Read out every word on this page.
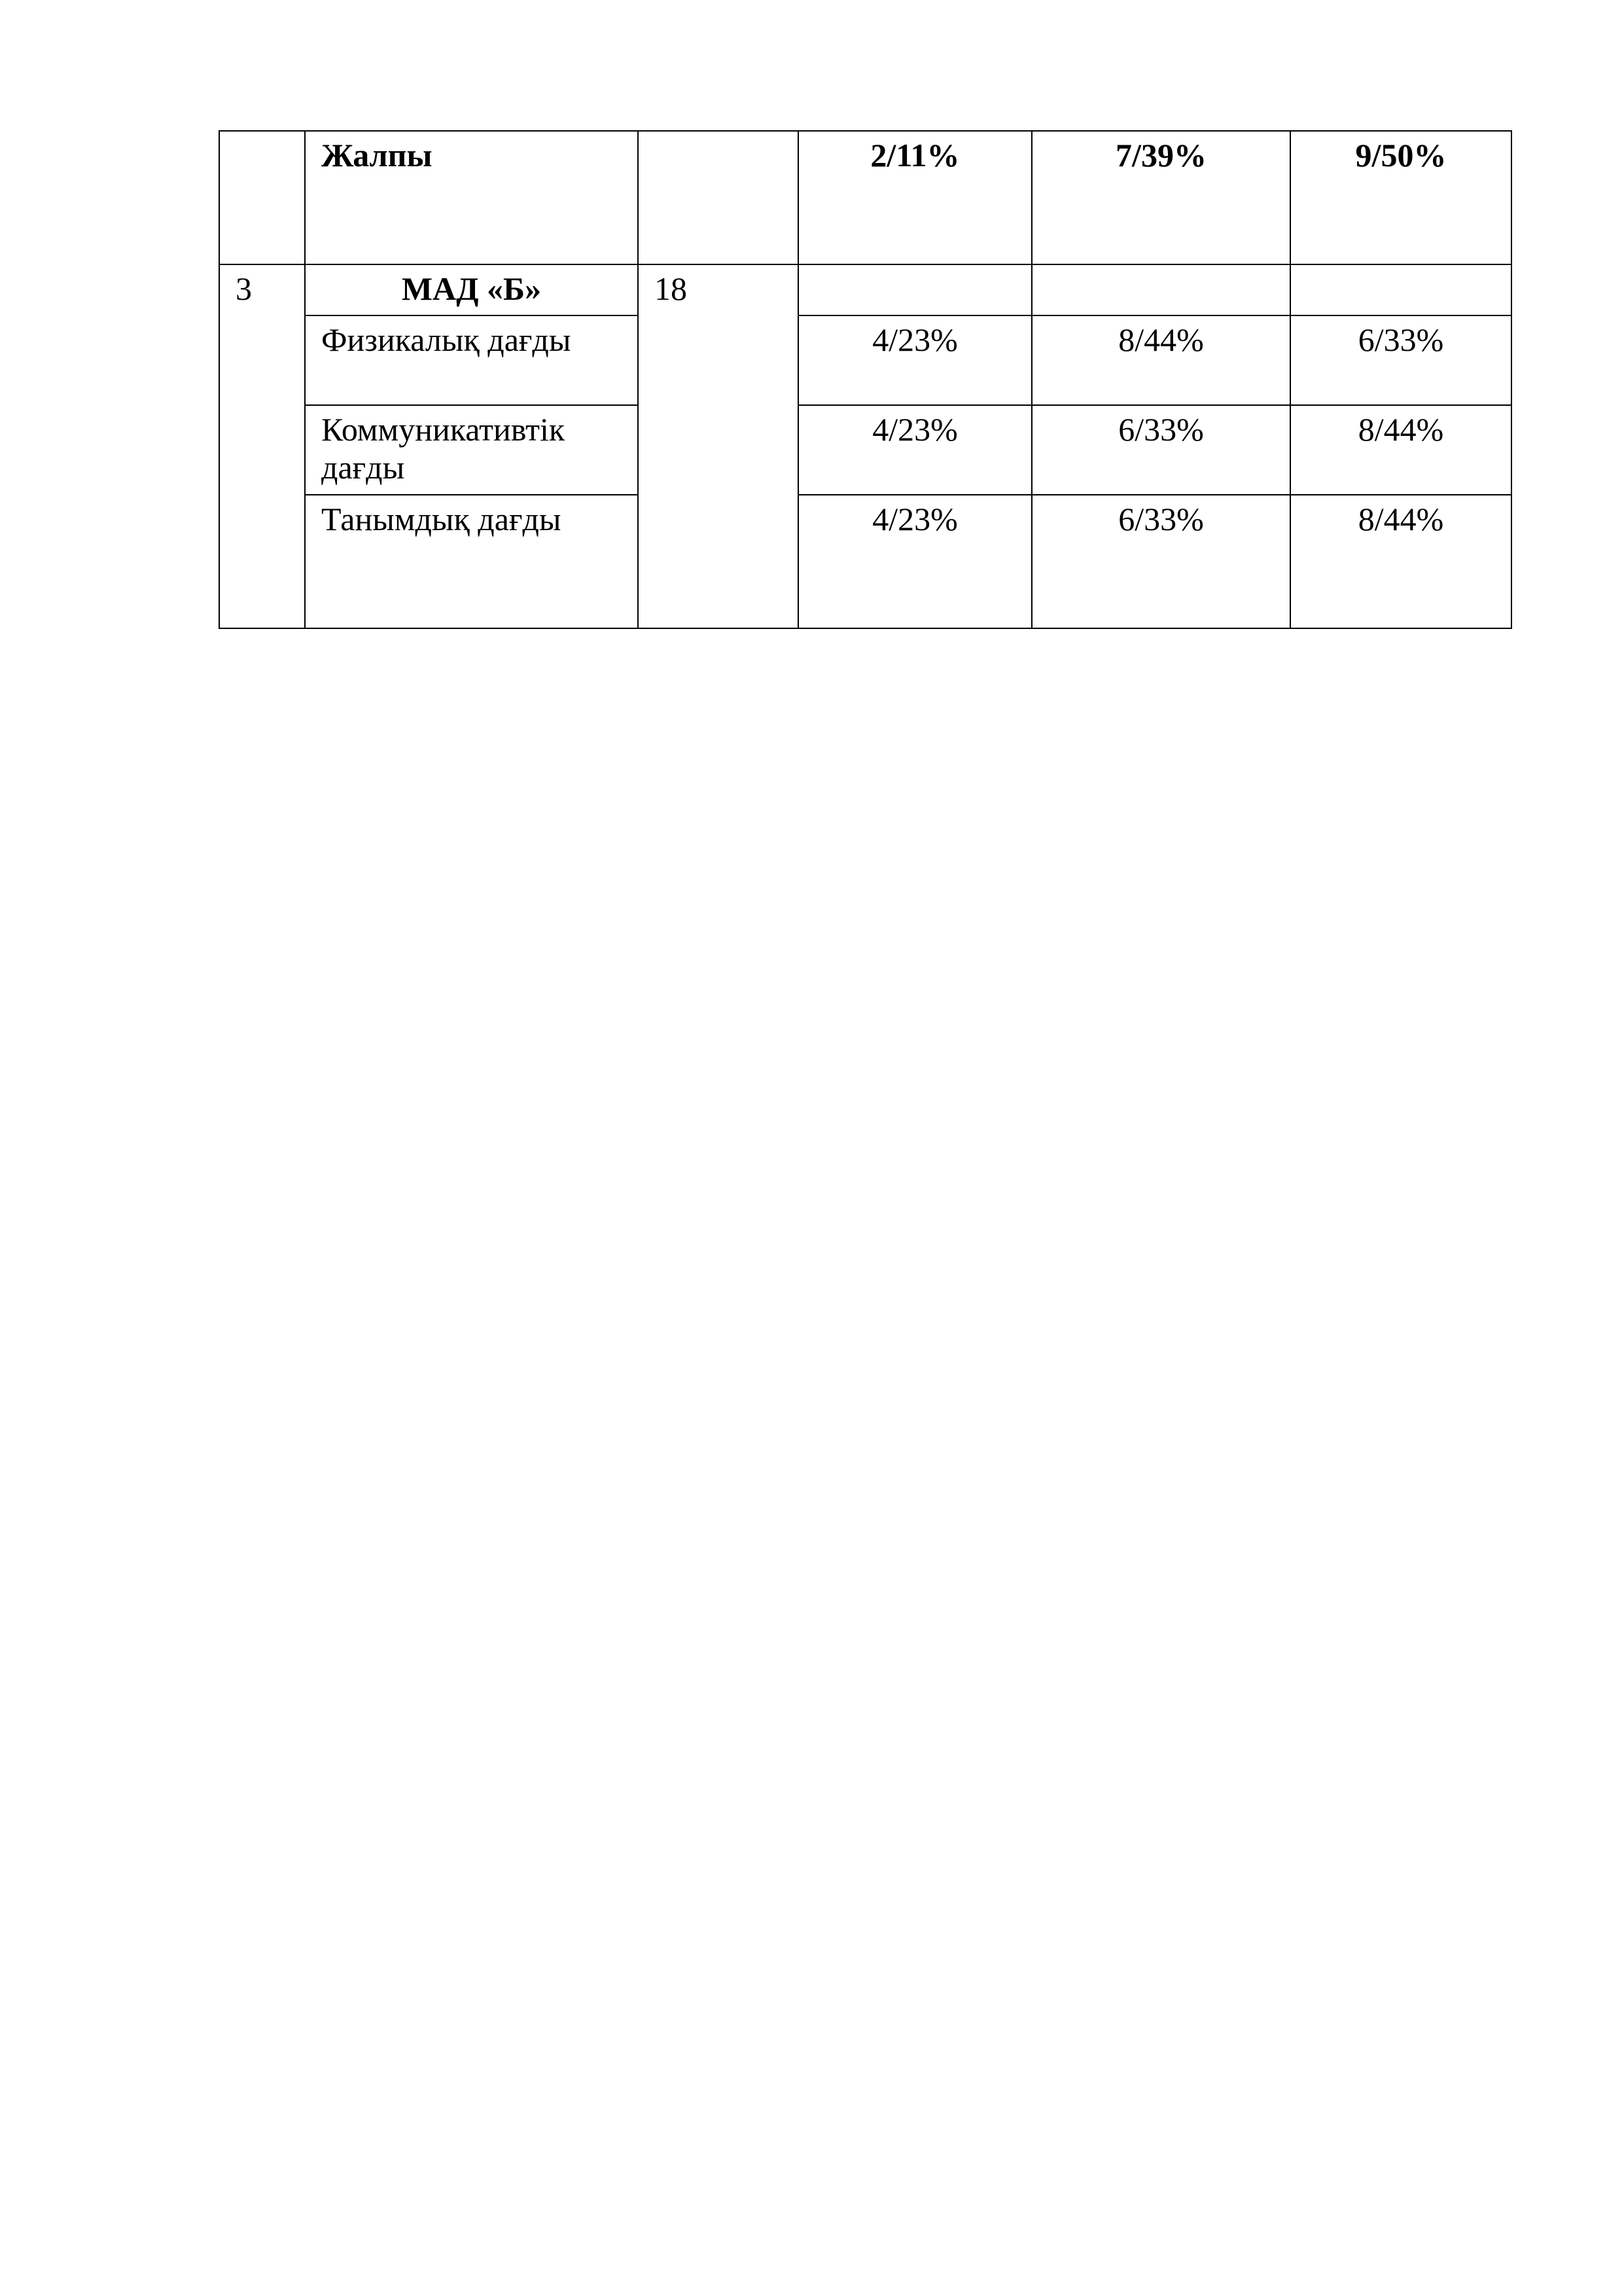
	Жалпы		2/11%	7/39%	9/50%
3	МАД «Б»	18			
	Физикалық дағды		4/23%	8/44%	6/33%
	Коммуникативтік дағды		4/23%	6/33%	8/44%
	Танымдық дағды		4/23%	6/33%	8/44%
